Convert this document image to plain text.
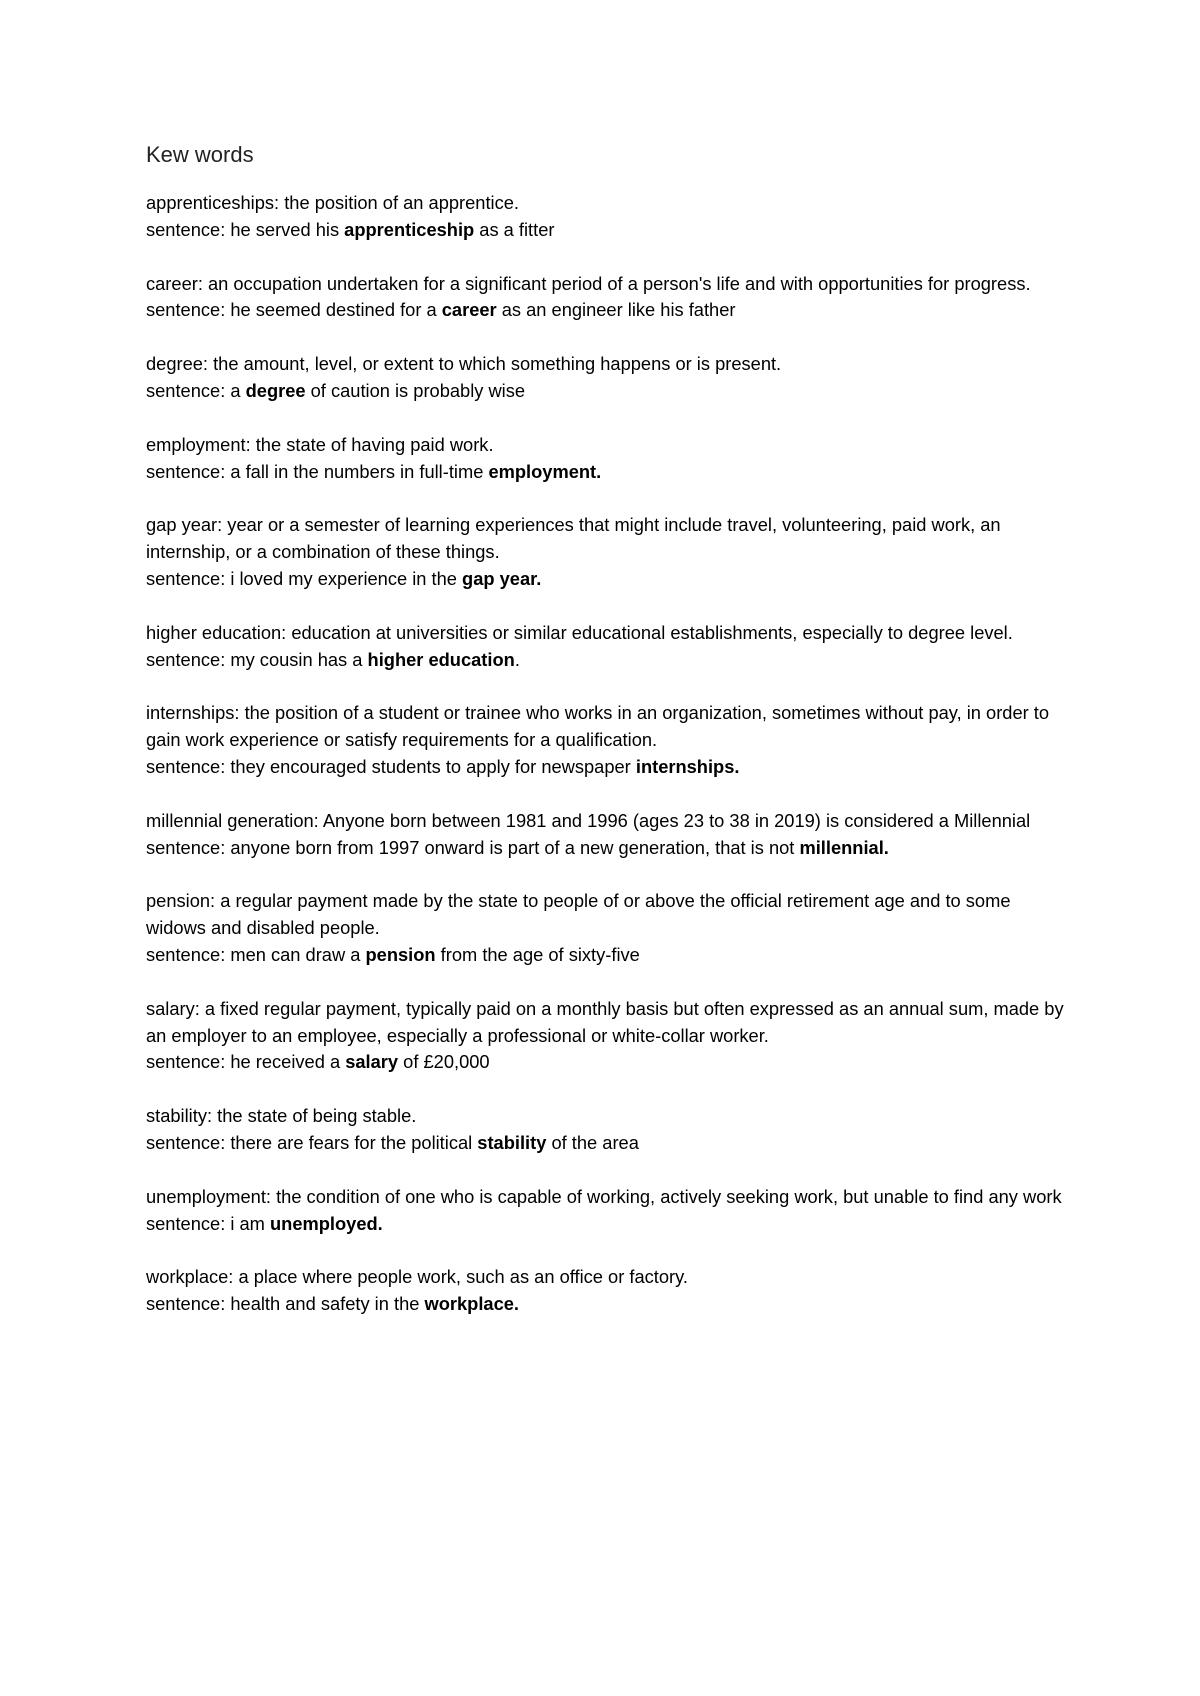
Kew words

apprenticeships: the position of an apprentice.

sentence: he served his apprenticeship as a fitter

career: an occupation undertaken for a significant period of a person's life and with opportunities for progress.

sentence: he seemed destined for a career as an engineer like his father

degree: the amount, level, or extent to which something happens or is present.

sentence: a degree of caution is probably wise

employment: the state of having paid work.

sentence: a fall in the numbers in full-time employment.

gap year: year or a semester of learning experiences that might include travel, volunteering, paid work, an internship, or a combination of these things.

sentence: i loved my experience in the gap year.

higher education: education at universities or similar educational establishments, especially to degree level.

sentence: my cousin has a higher education.

internships: the position of a student or trainee who works in an organization, sometimes without pay, in order to gain work experience or satisfy requirements for a qualification.

sentence: they encouraged students to apply for newspaper internships.

millennial generation: Anyone born between 1981 and 1996 (ages 23 to 38 in 2019) is considered a Millennial

sentence: anyone born from 1997 onward is part of a new generation, that is not millennial.

pension: a regular payment made by the state to people of or above the official retirement age and to some widows and disabled people.

sentence: men can draw a pension from the age of sixty-five

salary: a fixed regular payment, typically paid on a monthly basis but often expressed as an annual sum, made by an employer to an employee, especially a professional or white-collar worker.

sentence: he received a salary of £20,000

stability: the state of being stable.

sentence: there are fears for the political stability of the area

unemployment: the condition of one who is capable of working, actively seeking work, but unable to find any work

sentence: i am unemployed.

workplace: a place where people work, such as an office or factory.

sentence: health and safety in the workplace.
